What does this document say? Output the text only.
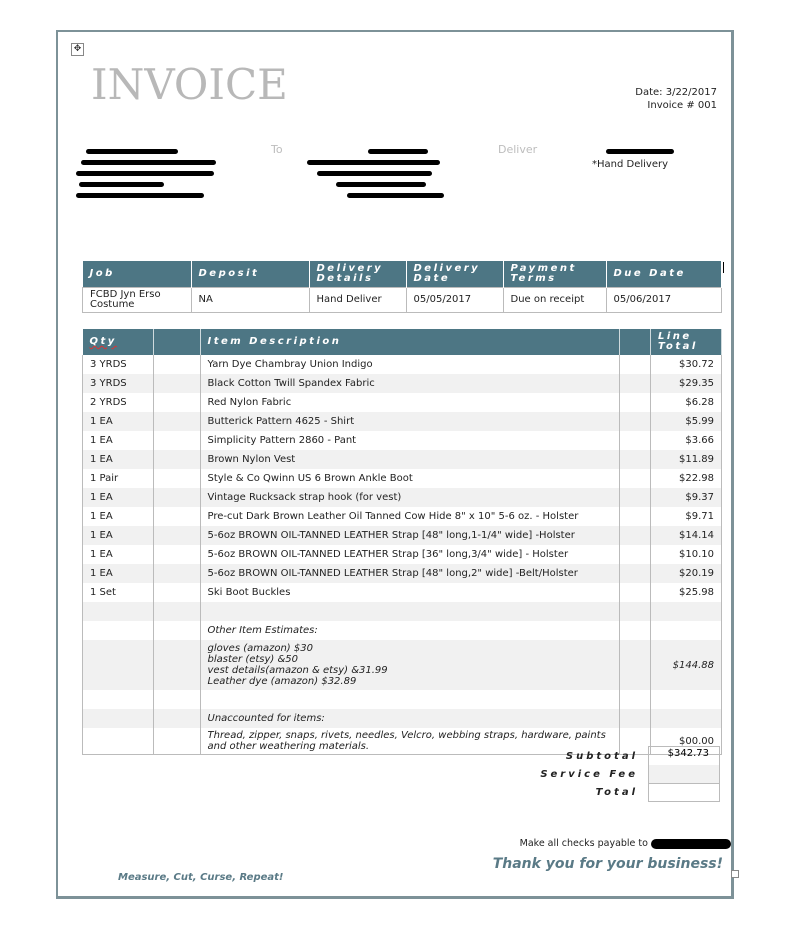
✥
INVOICE	Date: 3/22/2017
Invoice # 001
To	Deliver
*Hand Delivery
Job	Deposit	Delivery Details	Delivery Date	Payment Terms	Due Date
FCBD Jyn Erso Costume	NA	Hand Deliver	05/05/2017	Due on receipt	05/06/2017
Qty		Item Description		Line Total
3 YRDS		Yarn Dye Chambray Union Indigo		$30.72
3 YRDS		Black Cotton Twill Spandex Fabric		$29.35
2 YRDS		Red Nylon Fabric		$6.28
1 EA		Butterick Pattern 4625 - Shirt		$5.99
1 EA		Simplicity Pattern 2860 - Pant		$3.66
1 EA		Brown Nylon Vest		$11.89
1 Pair		Style & Co Qwinn US 6 Brown Ankle Boot		$22.98
1 EA		Vintage Rucksack strap hook (for vest)		$9.37
1 EA		Pre-cut Dark Brown Leather Oil Tanned Cow Hide 8" x 10" 5-6 oz. - Holster		$9.71
1 EA		5-6oz BROWN OIL-TANNED LEATHER Strap [48" long,1-1/4" wide] -Holster		$14.14
1 EA		5-6oz BROWN OIL-TANNED LEATHER Strap [36" long,3/4" wide] - Holster		$10.10
1 EA		5-6oz BROWN OIL-TANNED LEATHER Strap [48" long,2" wide] -Belt/Holster		$20.19
1 Set		Ski Boot Buckles		$25.98

		Other Item Estimates:		

		gloves (amazon) $30
blaster (etsy) &50
vest details(amazon & etsy) &31.99
Leather dye (amazon) $32.89		$144.88

		Unaccounted for items:		
		Thread, zipper, snaps, rivets, needles, Velcro, webbing straps, hardware, paints and other weathering materials.		$00.00
Subtotal	$342.73
Service Fee
Total
Make all checks payable to
Thank you for your business!
Measure, Cut, Curse, Repeat!
